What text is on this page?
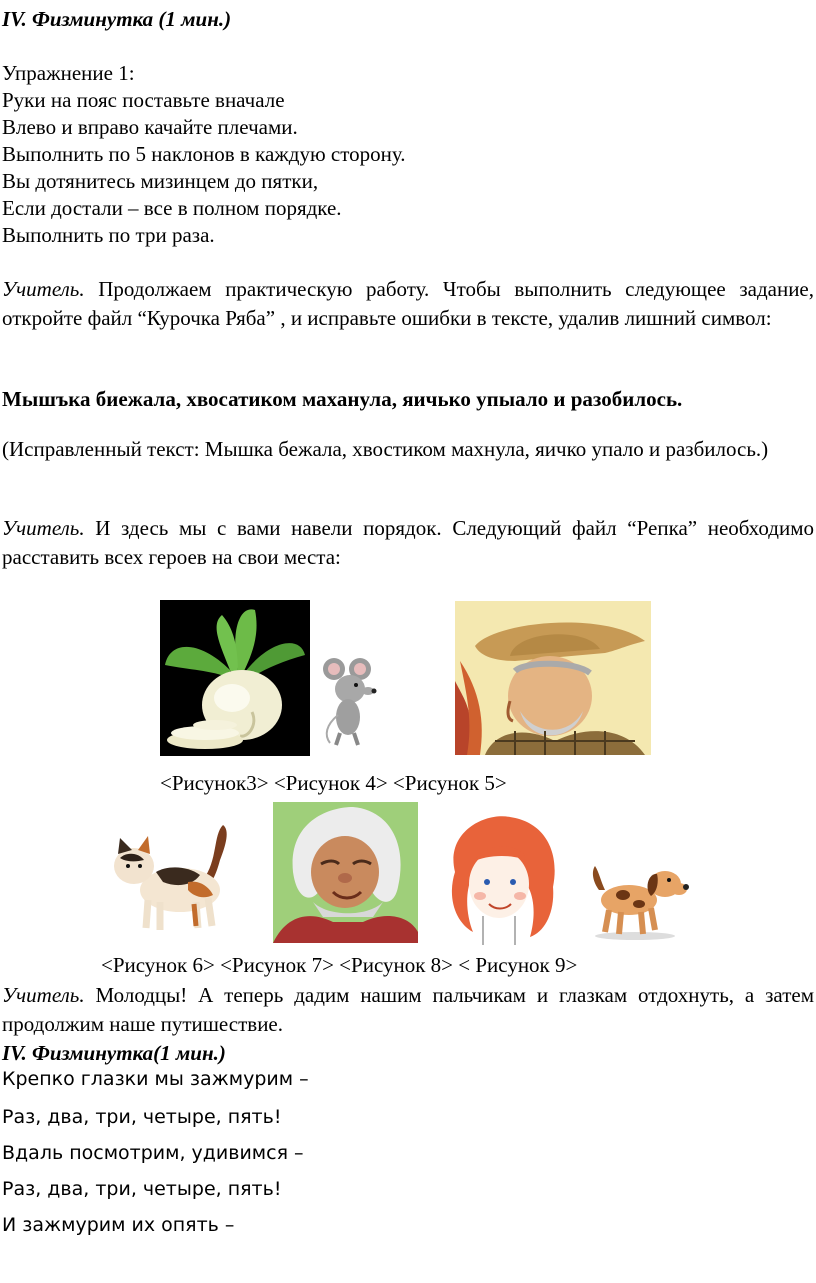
IV. Физминутка (1 мин.)
Упражнение 1:
Руки на пояс поставьте вначале
Влево и вправо качайте плечами.
Выполнить по 5 наклонов в каждую сторону.
Вы дотянитесь мизинцем до пятки,
Если достали – все в полном порядке.
Выполнить по три раза.
Учитель. Продолжаем практическую работу. Чтобы выполнить следующее задание, откройте файл “Курочка Ряба” , и исправьте ошибки в тексте, удалив лишний символ:
Мышъка биежала, хвосатиком маханула, яичько упыало и разобилось.
(Исправленный текст: Мышка бежала, хвостиком махнула, яичко упало и разбилось.)
Учитель. И здесь мы с вами навели порядок. Следующий файл “Репка” необходимо расставить всех героев на свои места:
<Рисунок3> <Рисунок 4> <Рисунок 5>
<Рисунок 6> <Рисунок 7> <Рисунок 8> < Рисунок 9>
Учитель. Молодцы! А теперь дадим нашим пальчикам и глазкам отдохнуть, а затем продолжим наше путишествие.
IV. Физминутка(1 мин.)
Крепко глазки мы зажмурим –
Раз, два, три, четыре, пять!
Вдаль посмотрим, удивимся –
Раз, два, три, четыре, пять!
И зажмурим их опять –
